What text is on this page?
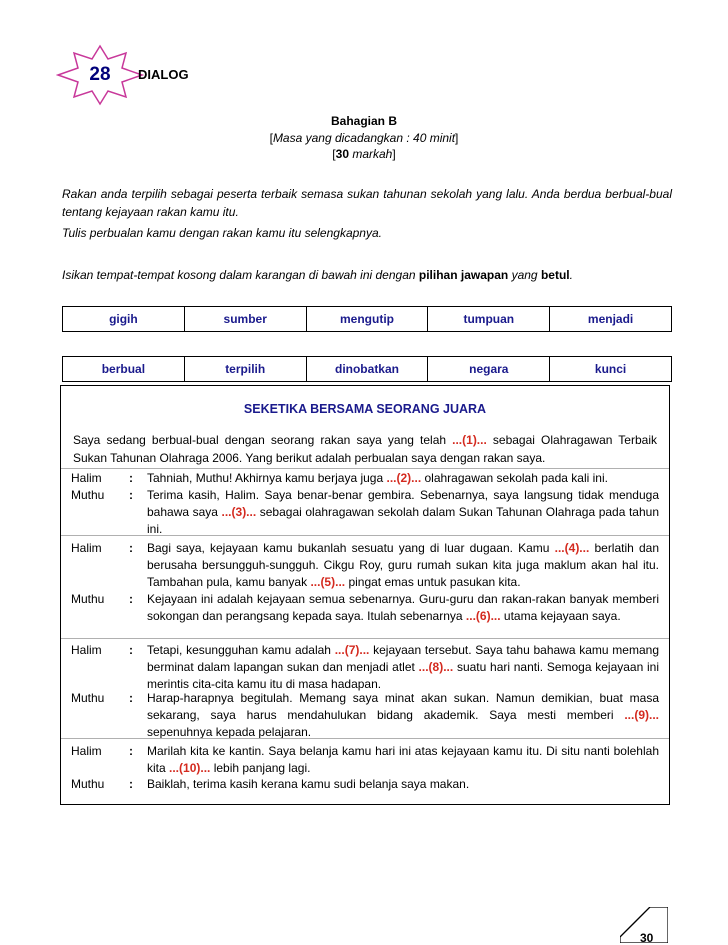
28	DIALOG
Bahagian B
[Masa yang dicadangkan : 40 minit]
[30 markah]
Rakan anda terpilih sebagai peserta terbaik semasa sukan tahunan sekolah yang lalu. Anda berdua berbual-bual tentang kejayaan rakan kamu itu.
Tulis perbualan kamu dengan rakan kamu itu selengkapnya.
Isikan tempat-tempat kosong dalam karangan di bawah ini dengan pilihan jawapan yang betul.
gigih	sumber	mengutip	tumpuan	menjadi

berbual	terpilih	dinobatkan	negara	kunci
SEKETIKA BERSAMA SEORANG JUARA
Saya sedang berbual-bual dengan seorang rakan saya yang telah ...(1)... sebagai Olahragawan Terbaik Sukan Tahunan Olahraga 2006. Yang berikut adalah perbualan saya dengan rakan saya.
Halim	:	Tahniah, Muthu! Akhirnya kamu berjaya juga ...(2)... olahragawan sekolah pada kali ini.
Muthu	:	Terima kasih, Halim. Saya benar-benar gembira. Sebenarnya, saya langsung tidak menduga bahawa saya ...(3)... sebagai olahragawan sekolah dalam Sukan Tahunan Olahraga pada tahun ini.
Halim	:	Bagi saya, kejayaan kamu bukanlah sesuatu yang di luar dugaan. Kamu ...(4)... berlatih dan berusaha bersungguh-sungguh. Cikgu Roy, guru rumah sukan kita juga maklum akan hal itu. Tambahan pula, kamu banyak ...(5)... pingat emas untuk pasukan kita.
Muthu	:	Kejayaan ini adalah kejayaan semua sebenarnya. Guru-guru dan rakan-rakan banyak memberi sokongan dan perangsang kepada saya. Itulah sebenarnya ...(6)... utama kejayaan saya.
Halim	:	Tetapi, kesungguhan kamu adalah ...(7)... kejayaan tersebut. Saya tahu bahawa kamu memang berminat dalam lapangan sukan dan menjadi atlet ...(8)... suatu hari nanti. Semoga kejayaan ini merintis cita-cita kamu itu di masa hadapan.
Muthu	:	Harap-harapnya begitulah. Memang saya minat akan sukan. Namun demikian, buat masa sekarang, saya harus mendahulukan bidang akademik. Saya mesti memberi ...(9)... sepenuhnya kepada pelajaran.
Halim	:	Marilah kita ke kantin. Saya belanja kamu hari ini atas kejayaan kamu itu. Di situ nanti bolehlah kita ...(10)... lebih panjang lagi.
Muthu	:	Baiklah, terima kasih kerana kamu sudi belanja saya makan.
30
